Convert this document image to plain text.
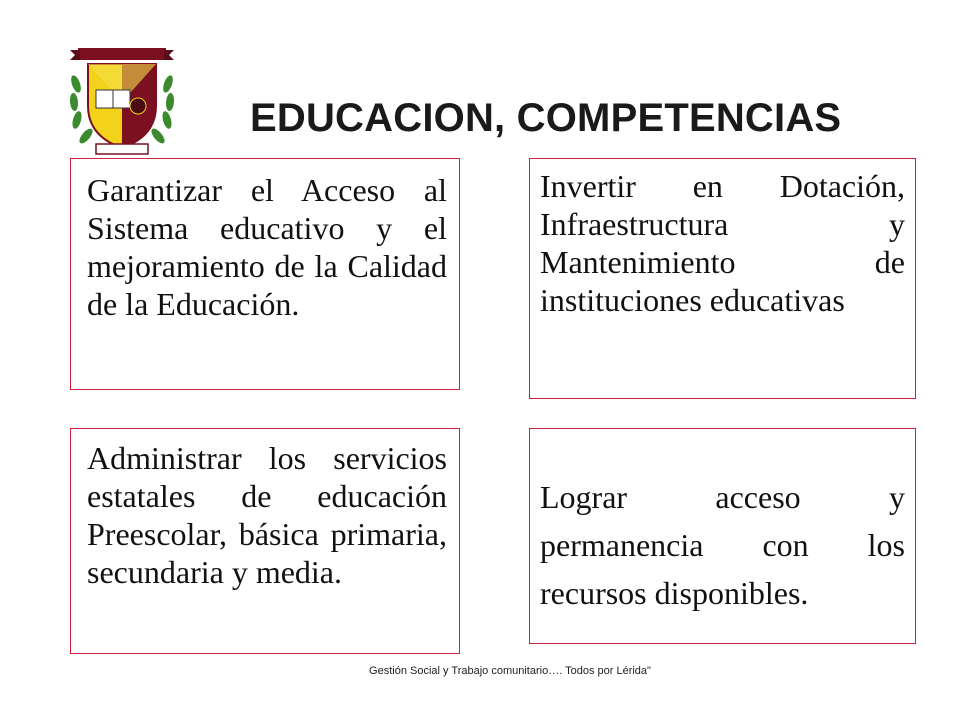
EDUCACION, COMPETENCIAS
Garantizar el Acceso al Sistema educativo y el mejoramiento de la Calidad de la Educación.
Invertir en Dotación, Infraestructura y Mantenimiento de instituciones educativas
Administrar los servicios estatales de educación Preescolar, básica primaria, secundaria y media.
Lograr acceso y permanencia con los recursos disponibles.
Gestión Social y Trabajo comunitario…. Todos por Lérida"
